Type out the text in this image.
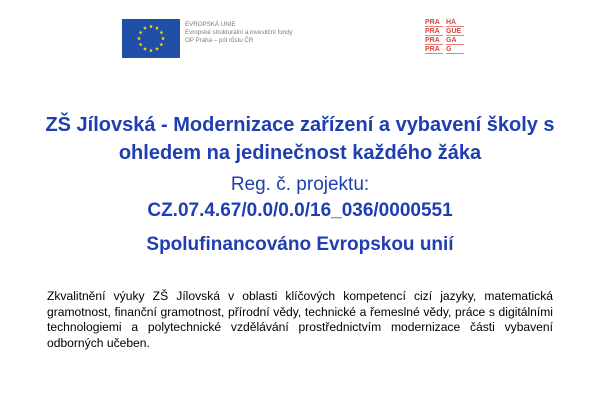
EVROPSKÁ UNIE
Evropské strukturální a investiční fondy
OP Praha – pól růstu ČR
PRA HA
PRA GUE
PRA GA
PRA G
ZŠ Jílovská - Modernizace zařízení a vybavení školy s ohledem na jedinečnost každého žáka
Reg. č. projektu:
CZ.07.4.67/0.0/0.0/16_036/0000551
Spolufinancováno Evropskou unií
Zkvalitnění výuky ZŠ Jílovská v oblasti klíčových kompetencí cizí jazyky, matematická gramotnost, finanční gramotnost, přírodní vědy, technické a řemeslné vědy, práce s digitálními technologiemi a polytechnické vzdělávání prostřednictvím modernizace části vybavení odborných učeben.
